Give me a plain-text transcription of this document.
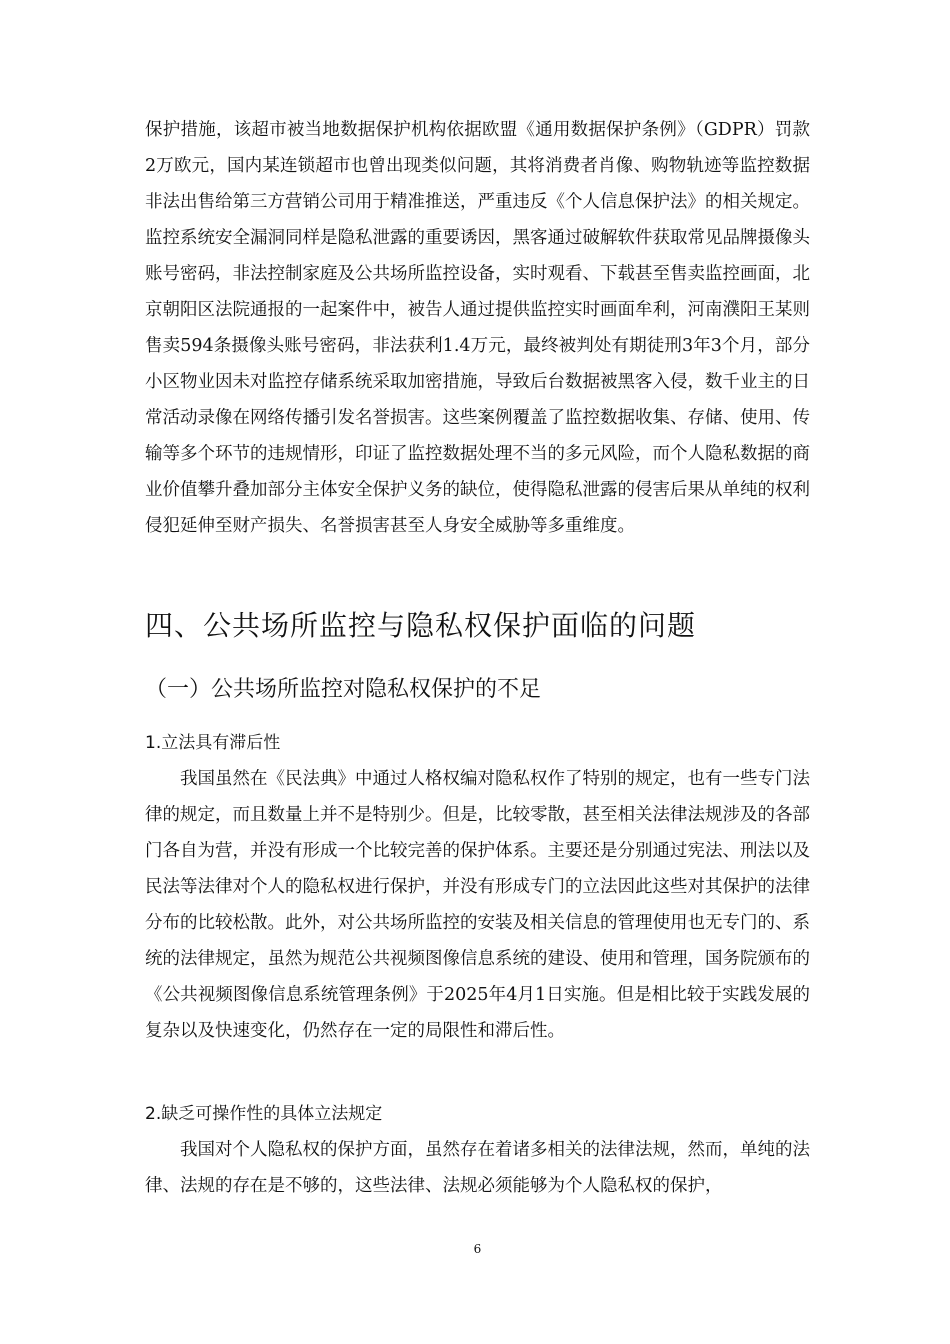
保护措施，该超市被当地数据保护机构依据欧盟《通用数据保护条例》（GDPR）罚款2万欧元，国内某连锁超市也曾出现类似问题，其将消费者肖像、购物轨迹等监控数据非法出售给第三方营销公司用于精准推送，严重违反《个人信息保护法》的相关规定。监控系统安全漏洞同样是隐私泄露的重要诱因，黑客通过破解软件获取常见品牌摄像头账号密码，非法控制家庭及公共场所监控设备，实时观看、下载甚至售卖监控画面，北京朝阳区法院通报的一起案件中，被告人通过提供监控实时画面牟利，河南濮阳王某则售卖594条摄像头账号密码，非法获利1.4万元，最终被判处有期徒刑3年3个月，部分小区物业因未对监控存储系统采取加密措施，导致后台数据被黑客入侵，数千业主的日常活动录像在网络传播引发名誉损害。这些案例覆盖了监控数据收集、存储、使用、传输等多个环节的违规情形，印证了监控数据处理不当的多元风险，而个人隐私数据的商业价值攀升叠加部分主体安全保护义务的缺位，使得隐私泄露的侵害后果从单纯的权利侵犯延伸至财产损失、名誉损害甚至人身安全威胁等多重维度。

四、公共场所监控与隐私权保护面临的问题
（一）公共场所监控对隐私权保护的不足
1.立法具有滞后性

我国虽然在《民法典》中通过人格权编对隐私权作了特别的规定，也有一些专门法律的规定，而且数量上并不是特别少。但是，比较零散，甚至相关法律法规涉及的各部门各自为营，并没有形成一个比较完善的保护体系。主要还是分别通过宪法、刑法以及民法等法律对个人的隐私权进行保护，并没有形成专门的立法因此这些对其保护的法律分布的比较松散。此外，对公共场所监控的安装及相关信息的管理使用也无专门的、系统的法律规定，虽然为规范公共视频图像信息系统的建设、使用和管理，国务院颁布的《公共视频图像信息系统管理条例》于2025年4月1日实施。但是相比较于实践发展的复杂以及快速变化，仍然存在一定的局限性和滞后性。

2.缺乏可操作性的具体立法规定

我国对个人隐私权的保护方面，虽然存在着诸多相关的法律法规，然而，单纯的法律、法规的存在是不够的，这些法律、法规必须能够为个人隐私权的保护，

6
